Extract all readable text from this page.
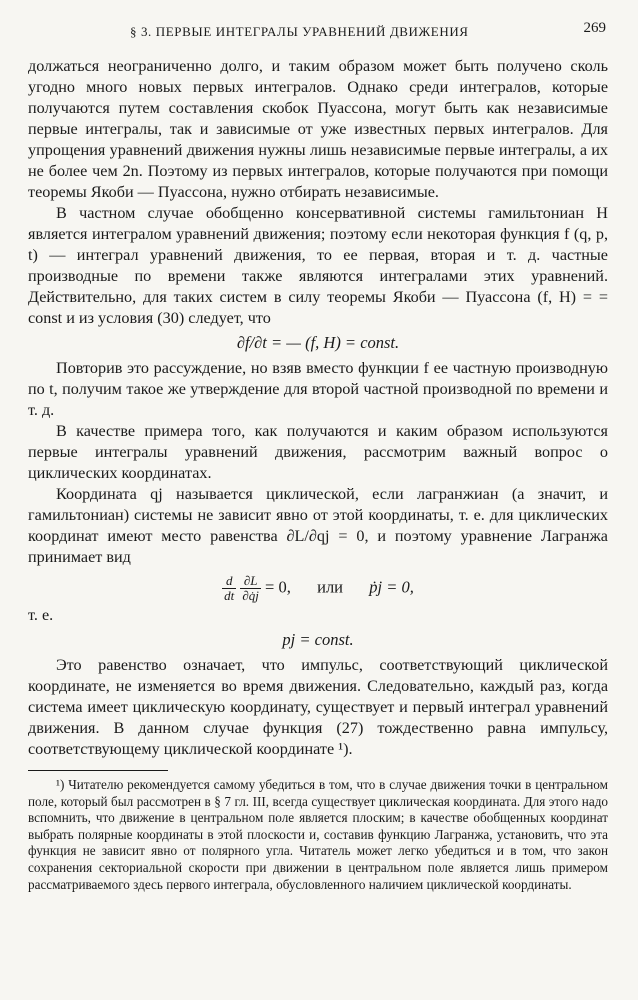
§ 3. ПЕРВЫЕ ИНТЕГРАЛЫ УРАВНЕНИЙ ДВИЖЕНИЯ	269

должаться неограниченно долго, и таким образом может быть получено сколь угодно много новых первых интегралов. Однако среди интегралов, которые получаются путем составления скобок Пуассона, могут быть как независимые первые интегралы, так и зависимые от уже известных первых интегралов. Для упрощения уравнений движения нужны лишь независимые первые интегралы, а их не более чем 2n. Поэтому из первых интегралов, которые получаются при помощи теоремы Якоби — Пуассона, нужно отбирать независимые.

В частном случае обобщенно консервативной системы гамильтониан H является интегралом уравнений движения; поэтому если некоторая функция f (q, p, t) — интеграл уравнений движения, то ее первая, вторая и т. д. частные производные по времени также являются интегралами этих уравнений. Действительно, для таких систем в силу теоремы Якоби — Пуассона (f, H) = = const и из условия (30) следует, что

∂f/∂t = — (f, H) = const.

Повторив это рассуждение, но взяв вместо функции f ее частную производную по t, получим такое же утверждение для второй частной производной по времени и т. д.

В качестве примера того, как получаются и каким образом используются первые интегралы уравнений движения, рассмотрим важный вопрос о циклических координатах.

Координата qj называется циклической, если лагранжиан (а значит, и гамильтониан) системы не зависит явно от этой координаты, т. е. для циклических координат имеют место равенства ∂L/∂qj = 0, и поэтому уравнение Лагранжа принимает вид

$\frac{d}{dt}$
$\frac{\partial L}{\partial q̇j} = 0$, или ṗj = 0,

т. е.

pj = const.

Это равенство означает, что импульс, соответствующий циклической координате, не изменяется во время движения. Следовательно, каждый раз, когда система имеет циклическую координату, существует и первый интеграл уравнений движения. В данном случае функция (27) тождественно равна импульсу, соответствующему циклической координате ¹).

¹) Читателю рекомендуется самому убедиться в том, что в случае движения точки в центральном поле, который был рассмотрен в § 7 гл. III, всегда существует циклическая координата. Для этого надо вспомнить, что движение в центральном поле является плоским; в качестве обобщенных координат выбрать полярные координаты в этой плоскости и, составив функцию Лагранжа, установить, что эта функция не зависит явно от полярного угла. Читатель может легко убедиться и в том, что закон сохранения секториальной скорости при движении в центральном поле является лишь примером рассматриваемого здесь первого интеграла, обусловленного наличием циклической координаты.
